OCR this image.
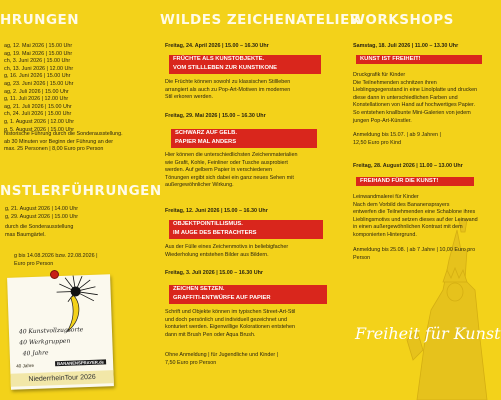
HRUNGEN
ag, 12. Mai 2026 | 15.00 Uhr
ag, 19. Mai 2026 | 15.00 Uhr
ch, 3. Juni 2026 | 15.00 Uhr
ch, 13. Juni 2026 | 12.00 Uhr
g, 16. Juni 2026 | 15.00 Uhr
ag, 23. Juni 2026 | 15.00 Uhr
ag, 2. Juli 2026 | 15.00 Uhr
g, 11. Juli 2026 | 12.00 Uhr
ag, 21. Juli 2026 | 15.00 Uhr
ch, 24. Juli 2026 | 15.00 Uhr
g, 1. August 2026 | 12.00 Uhr
g, 5. August 2026 | 15.00 Uhr
historische Führung durch die Sonderausstellung.
ab 30 Minuten vor Beginn der Führung an der
max. 25 Personen | 8,00 Euro pro Person
NSTLERFÜHRUNGEN
g, 21. August 2026 | 14.00 Uhr
g, 29. August 2026 | 15.00 Uhr
durch die Sonderausstellung
mas Baumgärtel.
g bis 14.08.2026 bzw. 22.08.2026 |
Euro pro Person
40 Kunstvollzugsorte
40 Werkgruppen
40 Jahre
40 Jahre	BANANENSPRAYER.de
NiederrheinTour 2026
WILDES ZEICHENATELIER
Freitag, 24. April 2026 | 15.00 – 16.30 Uhr
FRÜCHTE ALS KUNSTOBJEKTE.
VOM STILLLEBEN ZUR KUNSTIKONE
Die Früchte können sowohl zu klassischen Stillleben
arrangiert als auch zu Pop-Art-Motiven im modernen
Stil erkoren werden.
Freitag, 29. Mai 2026 | 15.00 – 16.30 Uhr
SCHWARZ AUF GELB.
PAPIER MAL ANDERS
Hier können die unterschiedlichsten Zeichenmaterialien
wie Grafit, Kohle, Feinliner oder Tusche ausprobiert
werden. Auf gelbem Papier in verschiedenen
Tönungen ergibt sich dabei ein ganz neues Sehen mit
außergewöhnlicher Wirkung.
Freitag, 12. Juni 2026 | 15.00 – 16.30 Uhr
OBJEKTPOINTILLISMUS.
IM AUGE DES BETRACHTERS
Aus der Fülle eines Zeichenmotivs in beliebigfacher
Wiederholung entstehen Bilder aus Bildern.
Freitag, 3. Juli 2026 | 15.00 – 16.30 Uhr
ZEICHEN SETZEN.
GRAFFITI-ENTWÜRFE AUF PAPIER
Schrift und Objekte können im typischen Street-Art-Stil
und doch persönlich und individuell gezeichnet und
konturiert werden. Eigenwillige Kolorationen entstehen
dann mit Brush Pen oder Aqua Brush.
Ohne Anmeldung | für Jugendliche und Kinder |
7,50 Euro pro Person
WORKSHOPS
Samstag, 18. Juli 2026 | 11.00 – 13.30 Uhr
KUNST IST FREIHEIT!
Druckgrafik für Kinder
Die Teilnehmenden schnitzen ihren
Lieblingsgegenstand in eine Linolplatte und drucken
diese dann in unterschiedlichen Farben und
Konstellationen von Hand auf hochwertiges Papier.
So entstehen knallbunte Mini-Galerien von jedem
jungen Pop-Art-Künstler.
Anmeldung bis 15.07. | ab 9 Jahren |
12,50 Euro pro Kind
Freitag, 28. August 2026 | 11.00 – 13.00 Uhr
FREIHAND FÜR DIE KUNST!
Leinwandmalerei für Kinder
Nach dem Vorbild des Bananensprayers
entwerfen die Teilnehmenden eine Schablone ihres
Lieblingsmotivs und setzen dieses auf der Leinwand
in einen außergewöhnlichen Kontrast mit dem
komponierten Hintergrund.
Anmeldung bis 25.08. | ab 7 Jahre | 10,00 Euro pro
Person
Freiheit für Kunst
